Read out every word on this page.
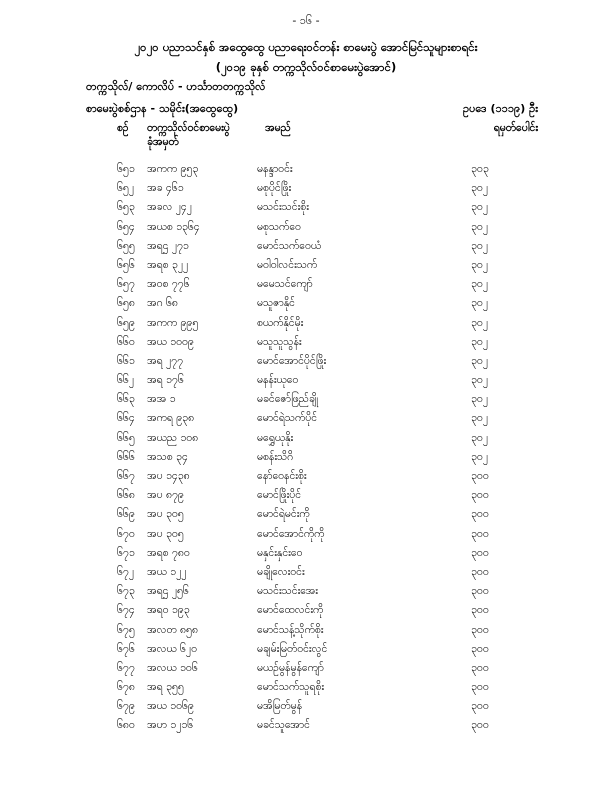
- ၁၆ -
၂၀၂၀ ပညာသင်နှစ် အထွေထွေ ပညာရေးဝင်တန်း စာမေးပွဲ အောင်မြင်သူများစာရင်း
(၂၀၁၉ ခုနှစ် တက္ကသိုလ်ဝင်စာမေးပွဲအောင်)
တက္ကသိုလ်/ ကောလိပ် - ဟင်္သာတတက္ကသိုလ်
စာမေးပွဲစစ်ဌာန - သမိုင်း(အထွေထွေ)	ဥပဒေ (၁၁၁၉) ဦး
စဉ် တက္ကသိုလ်ဝင်စာမေးပွဲ
ခုံအမှတ်
အမည်	ရမှတ်ပေါင်း
၆၅၁ အကက ၉၅၃	မနန္ဒာဝင်း	၃၀၃
၆၅၂ အခ ၄၆၁	မစုပိုင်ဖြိုး	၃၀၂
၆၅၃ အခလ ၂၄၂	မသင်းသင်းစိုး	၃၀၂
၆၅၄ အယစ ၁၃၆၄	မစုသက်ဝေ	၃၀၂
၆၅၅ အရဌ ၂၇၁	မောင်သက်ဝေယံ	၃၀၂
၆၅၆ အရစ ၃၂၂	မဝါဝါလင်းသက်	၃၀၂
၆၅၇ အဝစ ၇၇၆	မမေသင်ကျော်	၃၀၂
၆၅၈ အဂ ၆၈	မသူဇာနိုင်	၃၀၂
၆၅၉ အကက ၉၉၅	စယက်နိုင်မိုး	၃၀၂
၆၆၀ အယ ၁၀၀၉	မသူသူသွန်း	၃၀၂
၆၆၁ အရ ၂၇၇	မောင်အောင်ပိုင်ဖြိုး	၃၀၂
၆၆၂ အရ ၁၇၆	မနန်းယုဝေ	၃၀၂
၆၆၃ အအ ၁	မခင်ဇော်ဖြည်ချို	၃၀၂
၆၆၄ အကရ ၉၃၈	မောင်ရဲသက်ပိုင်	၃၀၂
၆၆၅ အယည ၁၀၈	မရွှေယုနိုး	၃၀၂
၆၆၆ အသစ ၃၄	မစန်းသိဂိ	၃၀၂
၆၆၇ အပ ၁၄၃၈	နော်ဝေနင်းစိုး	၃၀၀
၆၆၈ အပ ၈၇၉	မောင်ဖြိုးပိုင်	၃၀၀
၆၆၉ အပ ၃၀၅	မောင်ရဲမင်းကို	၃၀၀
၆၇၀ အပ ၃၀၅	မောင်အောင်ကိုကို	၃၀၀
၆၇၁ အရစ ၇၈၀	မနှင်းနှင်းဝေ	၃၀၀
၆၇၂ အယ ၁၂၂	မချိုလေးဝင်း	၃၀၀
၆၇၃ အရဌ ၂၅၆	မသင်းသင်းအေး	၃၀၀
၆၇၄ အရဝ ၁၉၃	မောင်ထေလင်းကို	၃၀၀
၆၇၅ အလတ ၈၅၈	မောင်သန့်သိုက်စိုး	၃၀၀
၆၇၆ အလယ ၆၂၀	မချမ်းမြတ်ဝင်းလွင်	၃၀၀
၆၇၇ အလယ ၁၀၆	မယဉ်မွန်မွန်ကျော်	၃၀၀
၆၇၈ အရ ၃၅၅	မောင်သက်သူရစိုး	၃၀၀
၆၇၉ အယ ၁၀၆၉	မအိမြတ်မွန်	၃၀၀
၆၈၀ အဟ ၁၂၁၆	မခင်သူအောင်	၃၀၀
